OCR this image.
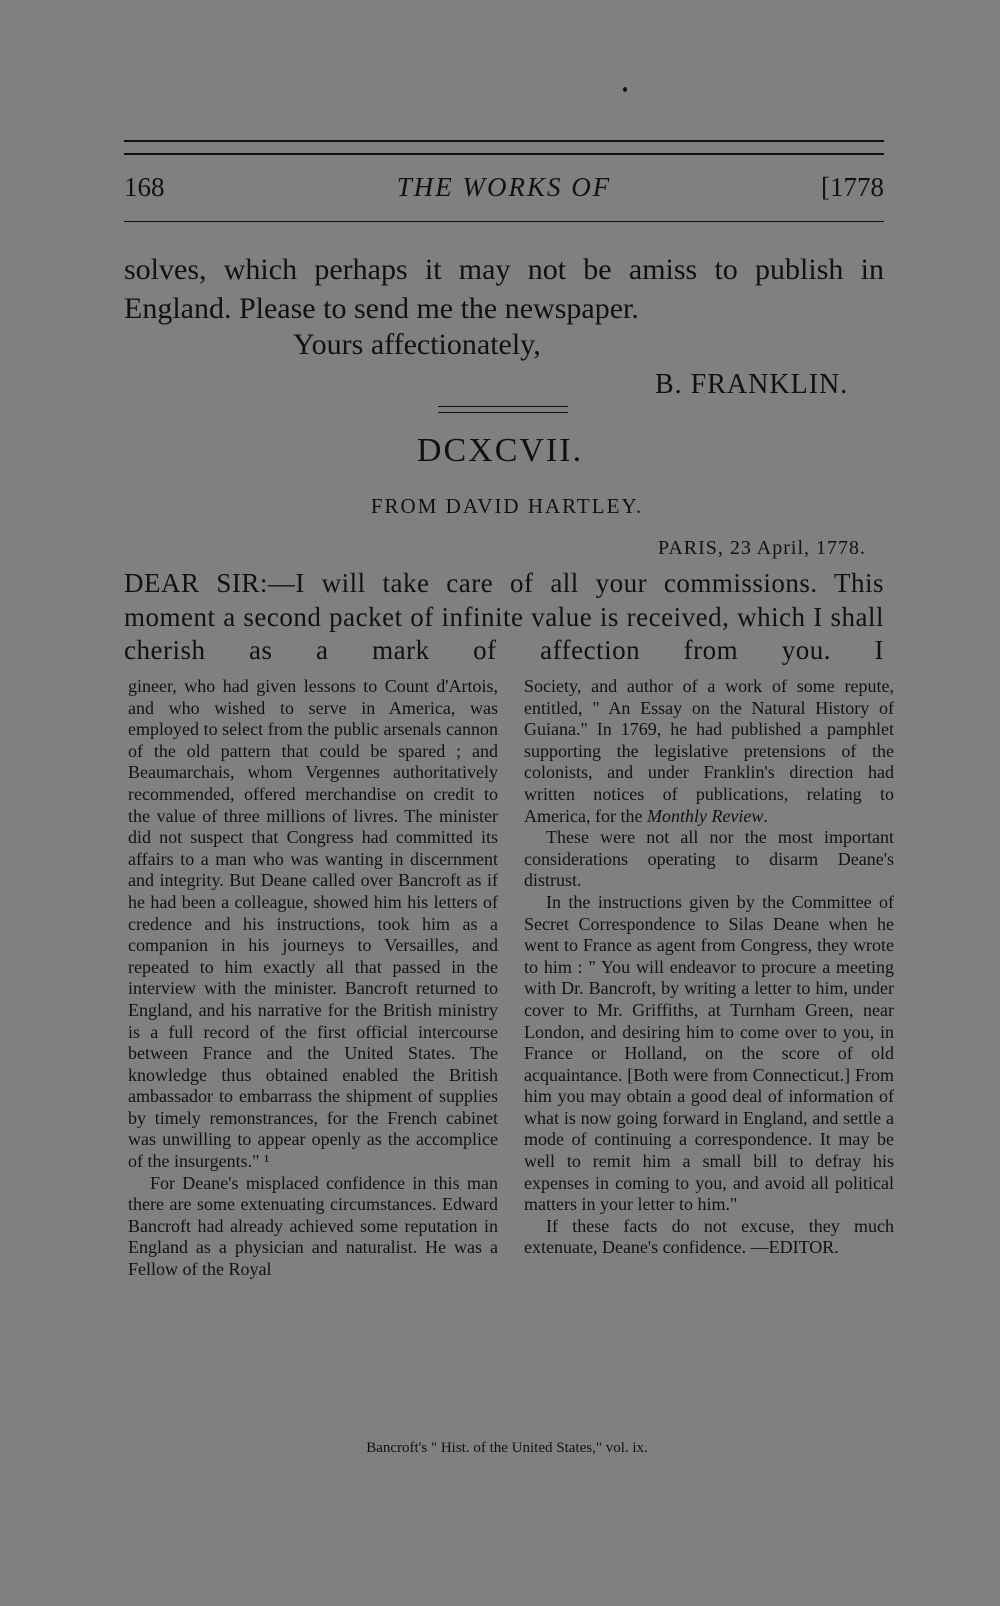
168	THE WORKS OF	[1778
solves, which perhaps it may not be amiss to publish in England. Please to send me the newspaper.
Yours affectionately,
B. FRANKLIN.
DCXCVII.
FROM DAVID HARTLEY.
PARIS, 23 April, 1778.
DEAR SIR:—I will take care of all your commissions. This moment a second packet of infinite value is received, which I shall cherish as a mark of affection from you. I

gineer, who had given lessons to Count d'Artois, and who wished to serve in America, was employed to select from the public arsenals cannon of the old pattern that could be spared ; and Beaumarchais, whom Vergennes authoritatively recommended, offered merchandise on credit to the value of three millions of livres. The minister did not suspect that Congress had committed its affairs to a man who was wanting in discernment and integrity. But Deane called over Bancroft as if he had been a colleague, showed him his letters of credence and his instructions, took him as a companion in his journeys to Versailles, and repeated to him exactly all that passed in the interview with the minister. Bancroft returned to England, and his narrative for the British ministry is a full record of the first official intercourse between France and the United States. The knowledge thus obtained enabled the British ambassador to embarrass the shipment of supplies by timely remonstrances, for the French cabinet was unwilling to appear openly as the accomplice of the insurgents." ¹

For Deane's misplaced confidence in this man there are some extenuating circumstances. Edward Bancroft had already achieved some reputation in England as a physician and naturalist. He was a Fellow of the Royal

Society, and author of a work of some repute, entitled, " An Essay on the Natural History of Guiana." In 1769, he had published a pamphlet supporting the legislative pretensions of the colonists, and under Franklin's direction had written notices of publications, relating to America, for the Monthly Review.

These were not all nor the most important considerations operating to disarm Deane's distrust.

In the instructions given by the Committee of Secret Correspondence to Silas Deane when he went to France as agent from Congress, they wrote to him : " You will endeavor to procure a meeting with Dr. Bancroft, by writing a letter to him, under cover to Mr. Griffiths, at Turnham Green, near London, and desiring him to come over to you, in France or Holland, on the score of old acquaintance. [Both were from Connecticut.] From him you may obtain a good deal of information of what is now going forward in England, and settle a mode of continuing a correspondence. It may be well to remit him a small bill to defray his expenses in coming to you, and avoid all political matters in your letter to him."

If these facts do not excuse, they much extenuate, Deane's confidence. —EDITOR.

Bancroft's " Hist. of the United States," vol. ix.
